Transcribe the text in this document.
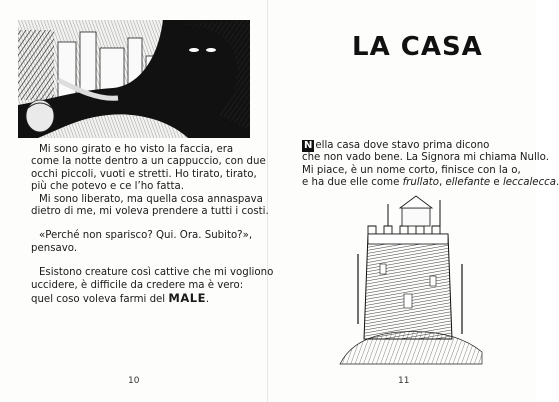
Mi sono girato e ho visto la faccia, era

come la notte dentro a un cappuccio, con due

occhi piccoli, vuoti e stretti. Ho tirato, tirato,

più che potevo e ce l’ho fatta.

Mi sono liberato, ma quella cosa annaspava

dietro di me, mi voleva prendere a tutti i costi.

«Perché non sparisco? Qui. Ora. Subito?»,

pensavo.

Esistono creature così cattive che mi vogliono

uccidere, è difficile da credere ma è vero:

quel coso voleva farmi del MALE.

10
LA CASA

N ella casa dove stavo prima dicono

che non vado bene. La Signora mi chiama Nullo.

Mi piace, è un nome corto, finisce con la o,

e ha due elle come frullato, ellefante e leccalecca.

11
